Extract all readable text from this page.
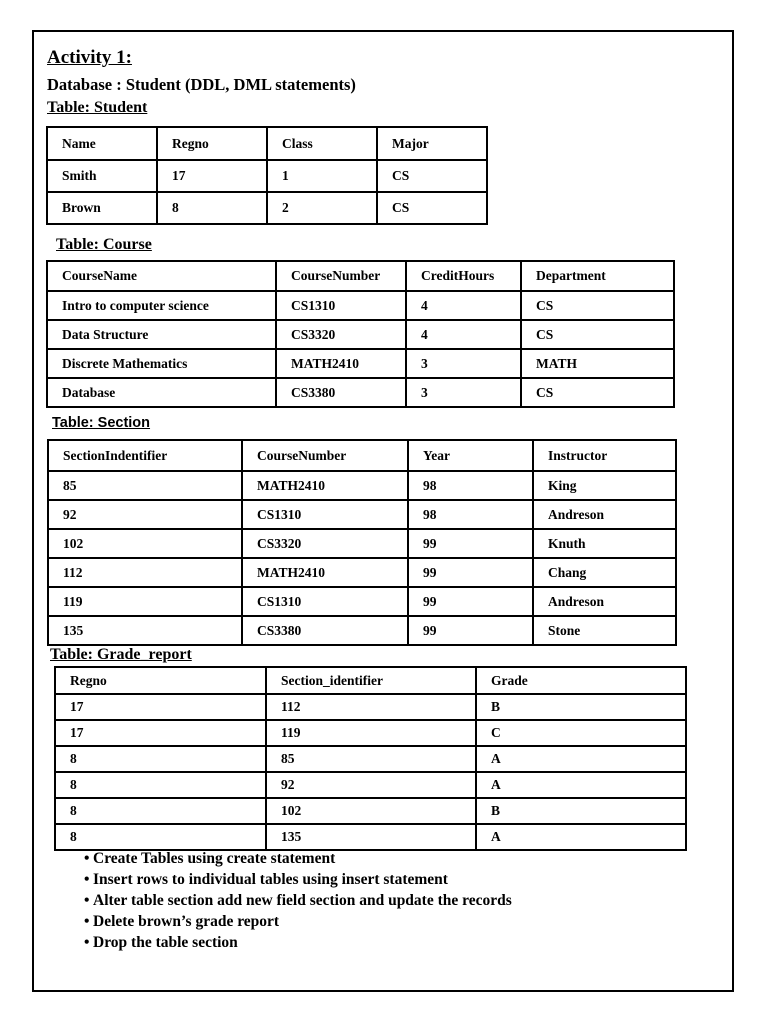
Activity 1:
Database : Student (DDL, DML statements)
Table: Student
Name	Regno	Class	Major
Smith	17	1	CS
Brown	8	2	CS
Table: Course
CourseName	CourseNumber	CreditHours	Department
Intro to computer science	CS1310	4	CS
Data Structure	CS3320	4	CS
Discrete Mathematics	MATH2410	3	MATH
Database	CS3380	3	CS
Table: Section
SectionIndentifier	CourseNumber	Year	Instructor
85	MATH2410	98	King
92	CS1310	98	Andreson
102	CS3320	99	Knuth
112	MATH2410	99	Chang
119	CS1310	99	Andreson
135	CS3380	99	Stone
Table: Grade_report
Regno	Section_identifier	Grade
17	112	B
17	119	C
8	85	A
8	92	A
8	102	B
8	135	A
• Create Tables using create statement
• Insert rows to individual tables using insert statement
• Alter table section add new field section and update the records
• Delete brown’s grade report
• Drop the table section
